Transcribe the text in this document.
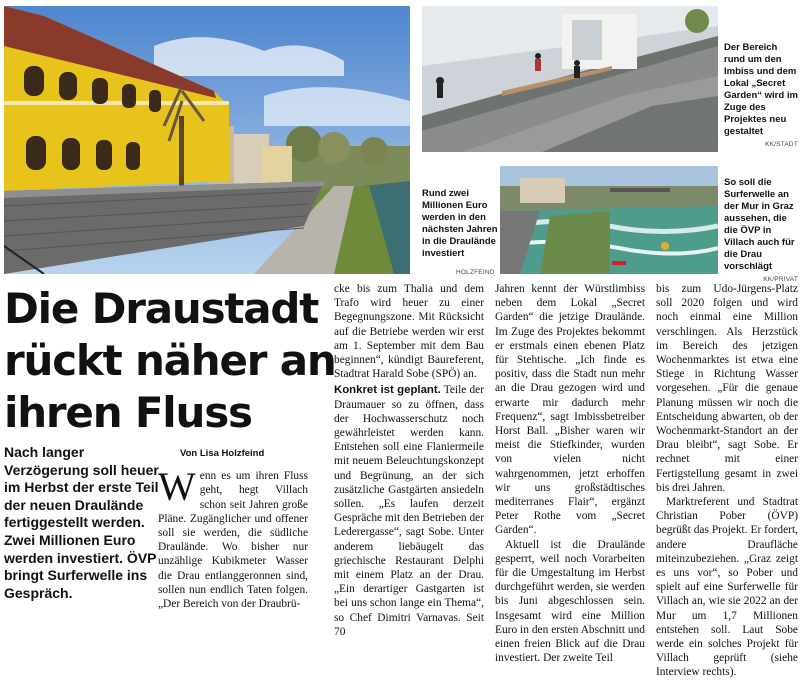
Der Bereich rund um den Imbiss und dem Lokal „Secret Garden“ wird im Zuge des Projektes neu gestaltet
KK/STADT
Rund zwei Millionen Euro werden in den nächsten Jahren in die Draulände investiert
HOLZFEIND
So soll die Surferwelle an der Mur in Graz aussehen, die die ÖVP in Villach auch für die Drau vorschlägt
KK/PRIVAT
Die Draustadt
rückt näher an
ihren Fluss
Nach langer Verzögerung soll heuer im Herbst der erste Teil der neuen Draulände fertiggestellt werden. Zwei Millionen Euro werden investiert. ÖVP bringt Surferwelle ins Gespräch.
Von Lisa Holzfeind

Wenn es um ihren Fluss geht, hegt Villach schon seit Jahren große Pläne. Zugänglicher und offener soll sie werden, die südliche Draulände. Wo bisher nur unzählige Kubikmeter Wasser die Drau entlanggeronnen sind, sollen nun endlich Taten folgen. „Der Bereich von der Draubrü-

cke bis zum Thalia und dem Trafo wird heuer zu einer Begegnungszone. Mit Rücksicht auf die Betriebe werden wir erst am 1. September mit dem Bau beginnen“, kündigt Baureferent, Stadtrat Harald Sobe (SPÖ) an.

Konkret ist geplant. Teile der Draumauer so zu öffnen, dass der Hochwasserschutz noch gewährleistet werden kann. Entstehen soll eine Flaniermeile mit neuem Beleuchtungskonzept und Begrünung, an der sich zusätzliche Gastgärten ansiedeln sollen. „Es laufen derzeit Gespräche mit den Betrieben der Lederergasse“, sagt Sobe. Unter anderem liebäugelt das griechische Restaurant Delphi mit einem Platz an der Drau. „Ein derartiger Gastgarten ist bei uns schon lange ein Thema“, so Chef Dimitri Varnavas. Seit 70

Jahren kennt der Würstlimbiss neben dem Lokal „Secret Garden“ die jetzige Draulände. Im Zuge des Projektes bekommt er erstmals einen ebenen Platz für Stehtische. „Ich finde es positiv, dass die Stadt nun mehr an die Drau gezogen wird und erwarte mir dadurch mehr Frequenz“, sagt Imbissbetreiber Horst Ball. „Bisher waren wir meist die Stiefkinder, wurden von vielen nicht wahrgenommen, jetzt erhoffen wir uns großstädtisches mediterranes Flair“, ergänzt Peter Rothe vom „Secret Garden“.

Aktuell ist die Draulände gesperrt, weil noch Vorarbeiten für die Umgestaltung im Herbst durchgeführt werden, sie werden bis Juni abgeschlossen sein. Insgesamt wird eine Million Euro in den ersten Abschnitt und einen freien Blick auf die Drau investiert. Der zweite Teil

bis zum Udo-Jürgens-Platz soll 2020 folgen und wird noch einmal eine Million verschlingen. Als Herzstück im Bereich des jetzigen Wochenmarktes ist etwa eine Stiege in Richtung Wasser vorgesehen. „Für die genaue Planung müssen wir noch die Entscheidung abwarten, ob der Wochenmarkt-Standort an der Drau bleibt“, sagt Sobe. Er rechnet mit einer Fertigstellung gesamt in zwei bis drei Jahren.

Marktreferent und Stadtrat Christian Pober (ÖVP) begrüßt das Projekt. Er fordert, andere Draufläche miteinzubeziehen. „Graz zeigt es uns vor“, so Pober und spielt auf eine Surferwelle für Villach an, wie sie 2022 an der Mur um 1,7 Millionen entstehen soll. Laut Sobe werde ein solches Projekt für Villach geprüft (siehe Interview rechts).
